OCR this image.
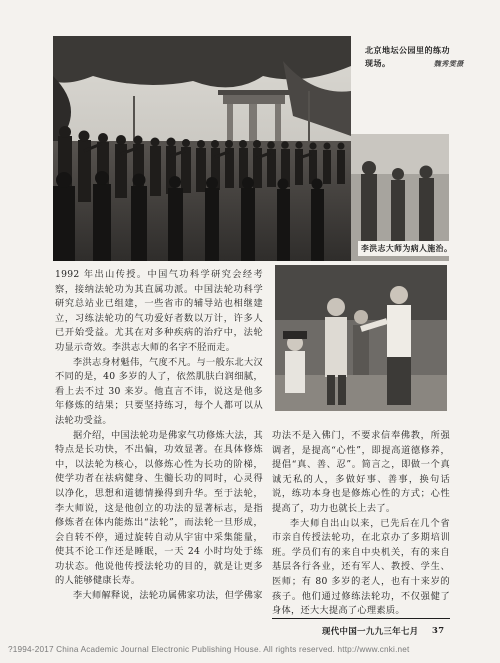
北京地坛公园里的练功
现场。	魏秀雯摄
李洪志大师为病人施治。

1992 年出山传授。中国气功科学研究会经考察，接纳法轮功为其直属功派。中国法轮功科学研究总站业已组建，一些省市的辅导站也相继建立，习练法轮功的气功爱好者数以万计，许多人已开始受益。尤其在对多种疾病的治疗中，法轮功显示奇效。李洪志大师的名字不胫而走。

李洪志身材魁伟，气度不凡。与一般东北大汉不同的是，40 多岁的人了，依然肌肤白润细腻，看上去不过 30 来岁。他直言不讳，说这是他多年修炼的结果；只要坚持练习，每个人都可以从法轮功受益。

据介绍，中国法轮功是佛家气功修炼大法，其特点是长功快，不出偏，功效显著。在具体修炼中，以法轮为核心，以修炼心性为长功的阶梯，使学功者在祛病健身、生髓长功的同时，心灵得以净化，思想和道德情操得到升华。至于法轮，李大师说，这是他创立的功法的显著标志，是指修炼者在体内能炼出“法轮”，而法轮一旦形成，会自转不停，通过旋转自动从宇宙中采集能量，使其不论工作还是睡眠，一天 24 小时均处于练功状态。他说他传授法轮功的目的，就是让更多的人能够健康长寿。

李大师解释说，法轮功属佛家功法，但学佛家

功法不是入佛门，不要求信奉佛教，所强调者，是提高“心性”，即提高道德修养，提倡“真、善、忍”。简言之，即做一个真诚无私的人，多做好事、善事，换句话说，练功本身也是修炼心性的方式；心性提高了，功力也就长上去了。

李大师自出山以来，已先后在几个省市亲自传授法轮功，在北京办了多期培训班。学员们有的来自中央机关，有的来自基层各行各业，还有军人、教授、学生、医师；有 80 多岁的老人，也有十来岁的孩子。他们通过修练法轮功，不仅强健了身体，还大大提高了心理素质。

现代中国一九九三年七月 37
?1994-2017 China Academic Journal Electronic Publishing House. All rights reserved. http://www.cnki.net
